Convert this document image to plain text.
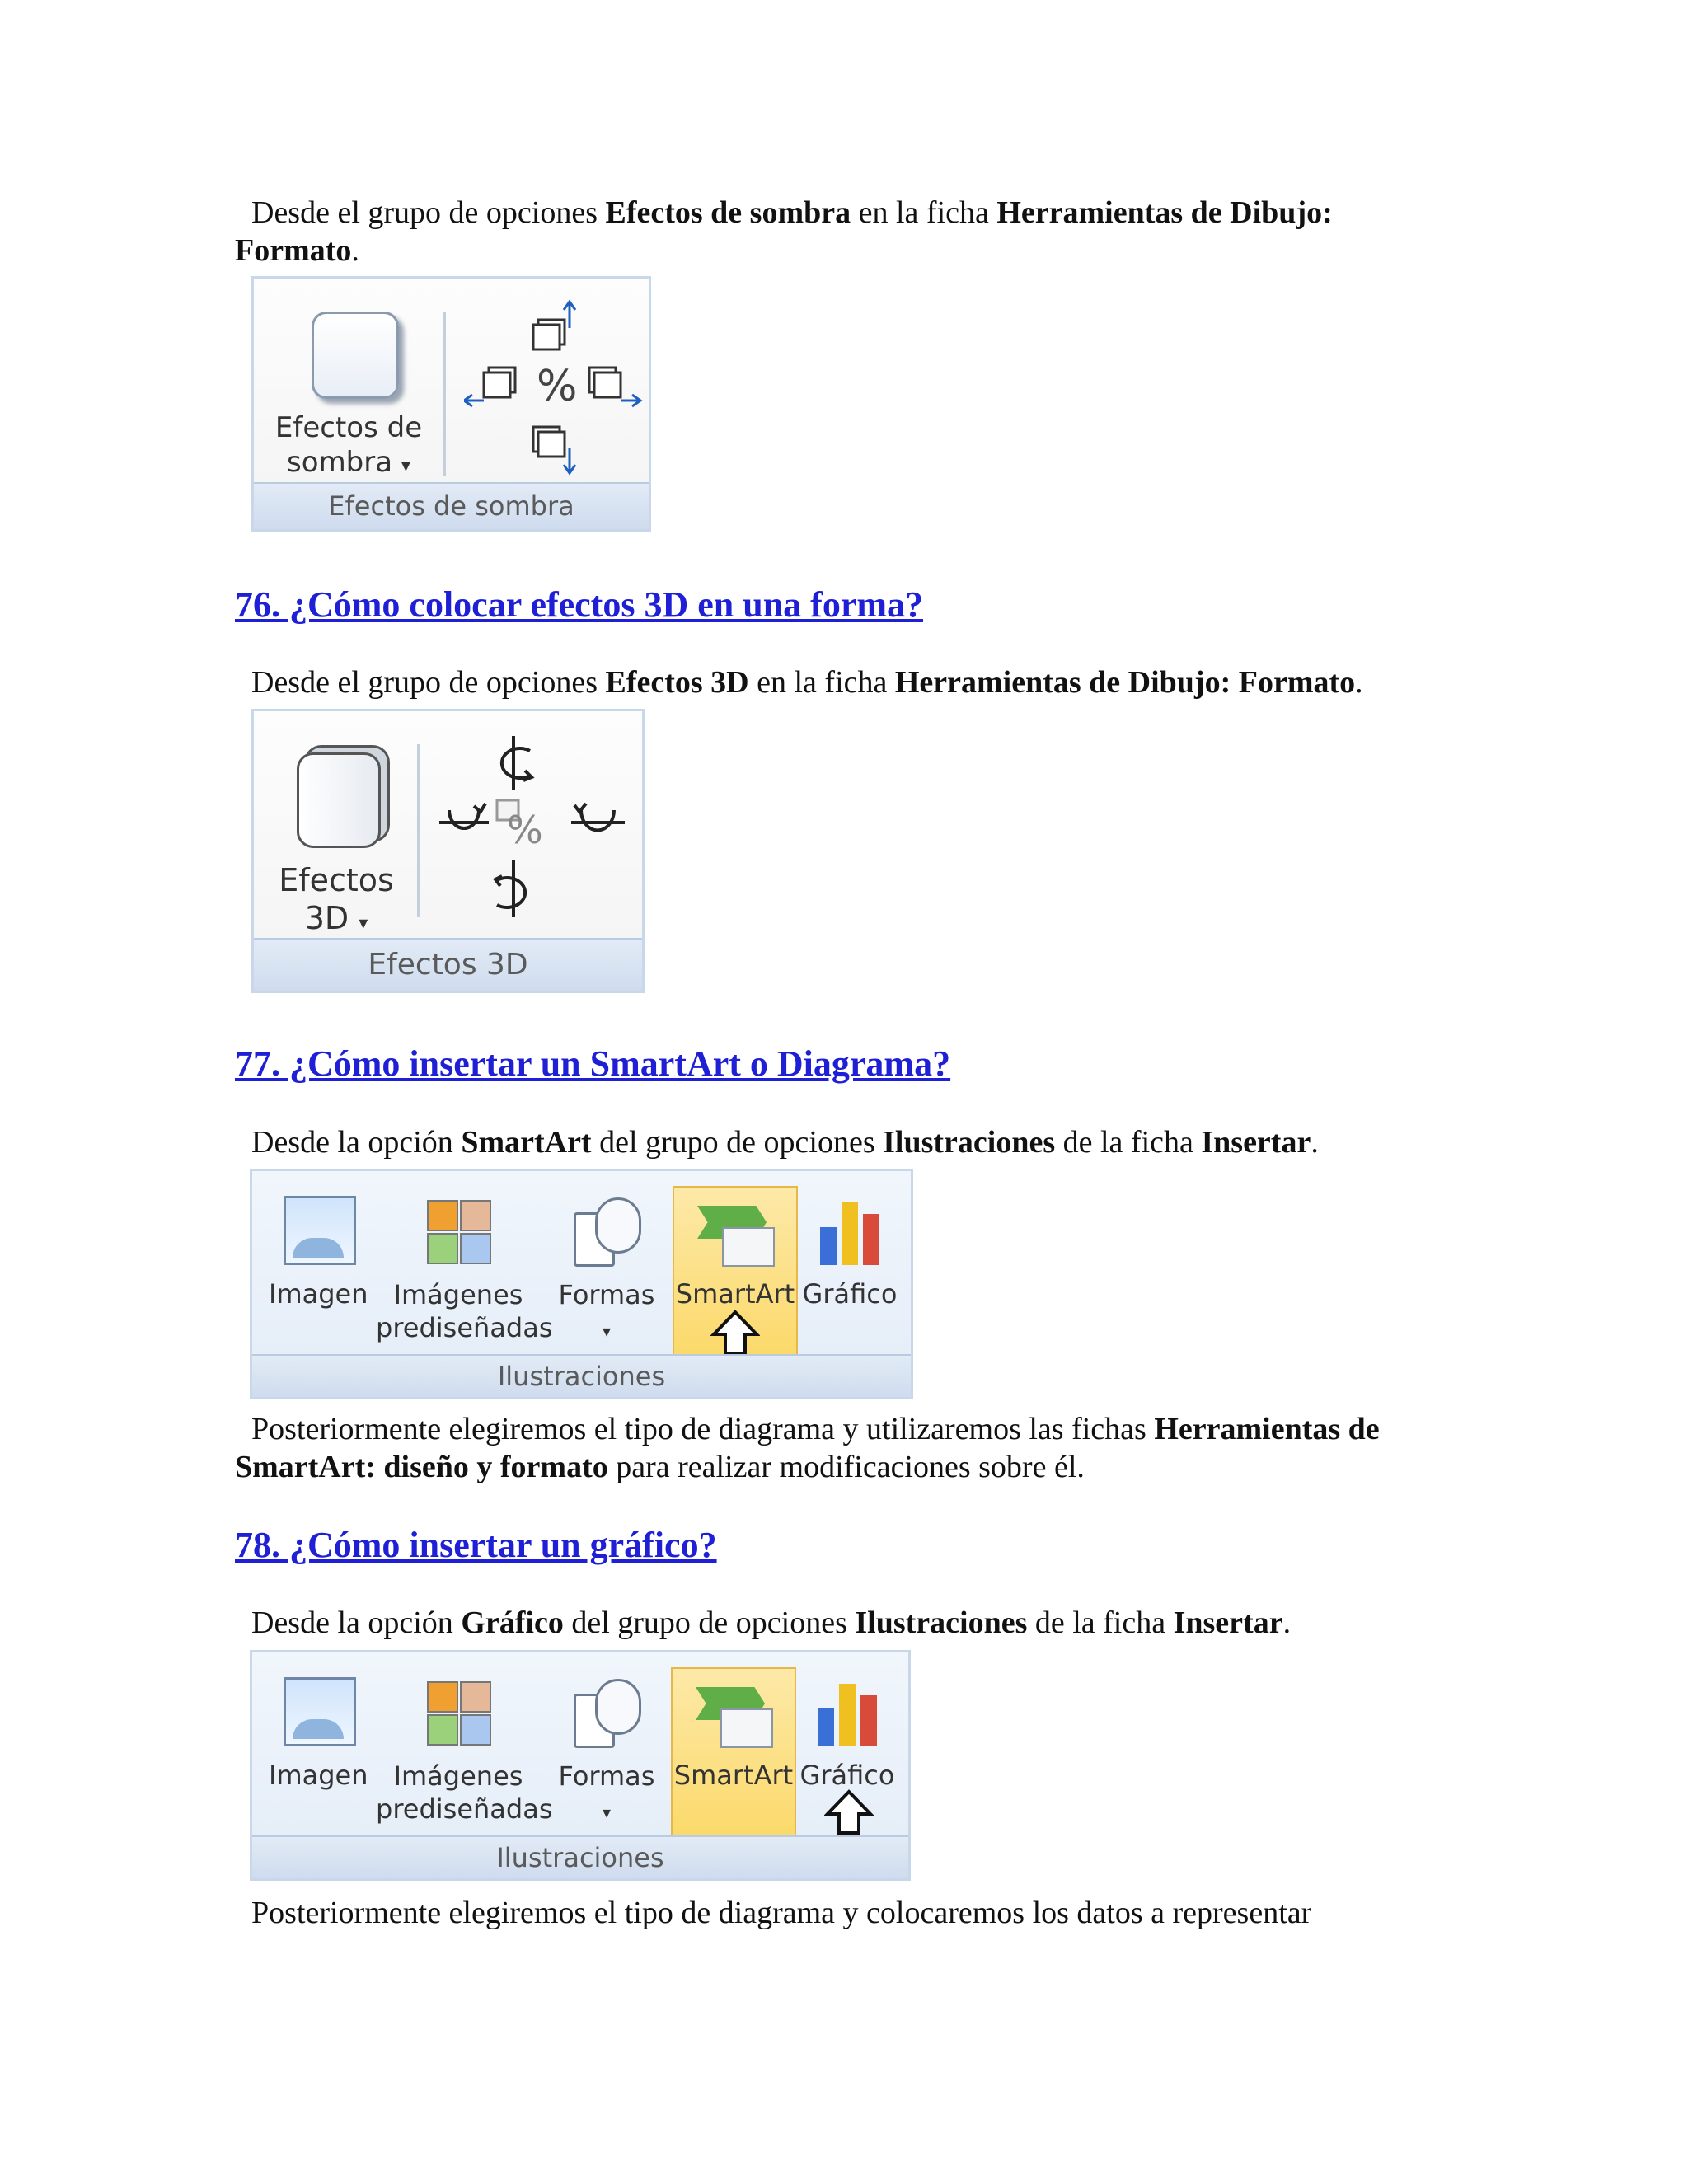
Desde el grupo de opciones Efectos de sombra en la ficha Herramientas de Dibujo: Formato.

Efectos de
sombra ▾
%
Efectos de sombra
76. ¿Cómo colocar efectos 3D en una forma?

Desde el grupo de opciones Efectos 3D en la ficha Herramientas de Dibujo: Formato.

Efectos
3D ▾
%
Efectos 3D
77. ¿Cómo insertar un SmartArt o Diagrama?

Desde la opción SmartArt del grupo de opciones Ilustraciones de la ficha Insertar.

Imagen Imágenes
prediseñadas
Formas
▾
SmartArt Gráfico
Ilustraciones

Posteriormente elegiremos el tipo de diagrama y utilizaremos las fichas Herramientas de SmartArt: diseño y formato para realizar modificaciones sobre él.

78. ¿Cómo insertar un gráfico?

Desde la opción Gráfico del grupo de opciones Ilustraciones de la ficha Insertar.

Imagen Imágenes
prediseñadas
Formas
▾
SmartArt Gráfico
Ilustraciones

Posteriormente elegiremos el tipo de diagrama y colocaremos los datos a representar
